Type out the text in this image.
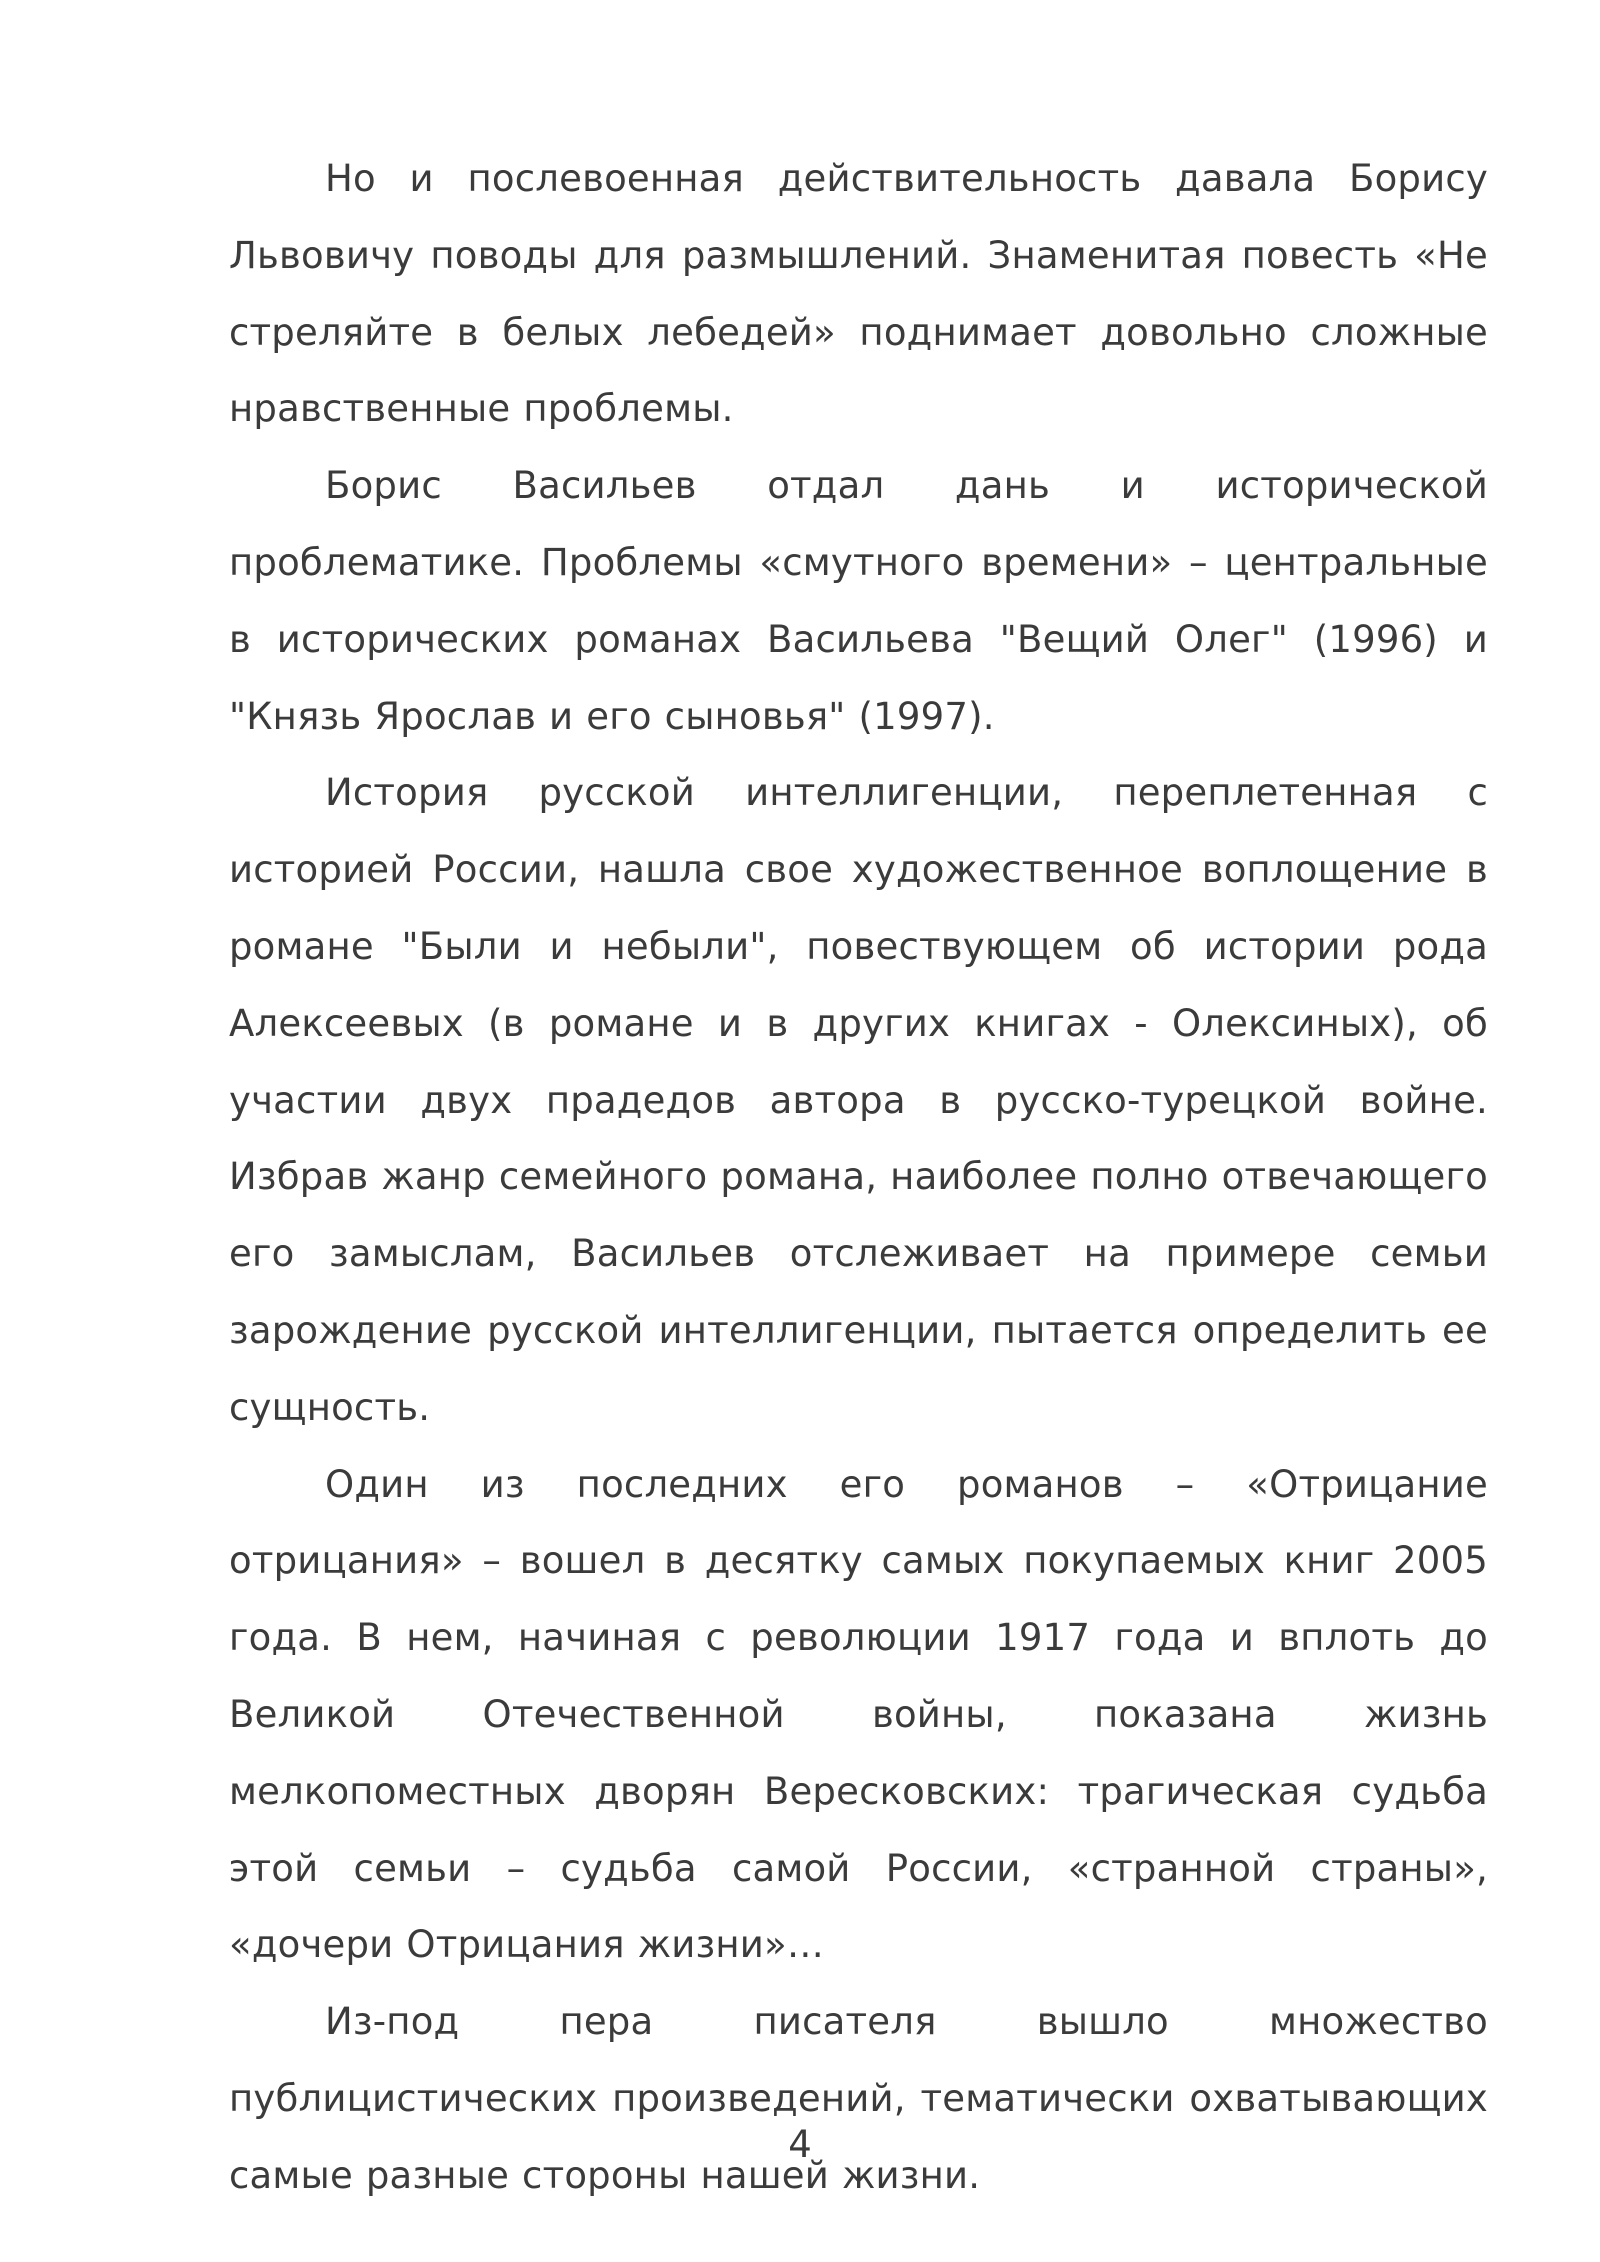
Но и послевоенная действительность давала Борису Львовичу поводы для размышлений. Знаменитая повесть «Не стреляйте в белых лебедей» поднимает довольно сложные нравственные проблемы.

Борис Васильев отдал дань и исторической проблематике. Проблемы «смутного времени» – центральные в исторических романах Васильева "Вещий Олег" (1996) и "Князь Ярослав и его сыновья" (1997).

История русской интеллигенции, переплетенная с историей России, нашла свое художественное воплощение в романе "Были и небыли", повествующем об истории рода Алексеевых (в романе и в других книгах - Олексиных), об участии двух прадедов автора в русско-турецкой войне. Избрав жанр семейного романа, наиболее полно отвечающего его замыслам, Васильев отслеживает на примере семьи зарождение русской интеллигенции, пытается определить ее сущность.

Один из последних его романов – «Отрицание отрицания» – вошел в десятку самых покупаемых книг 2005 года. В нем, начиная с революции 1917 года и вплоть до Великой Отечественной войны, показана жизнь мелкопоместных дворян Вересковских: трагическая судьба этой семьи – судьба самой России, «странной страны», «дочери Отрицания жизни»…

Из-под пера писателя вышло множество публицистических произведений, тематически охватывающих самые разные стороны нашей жизни.

4
